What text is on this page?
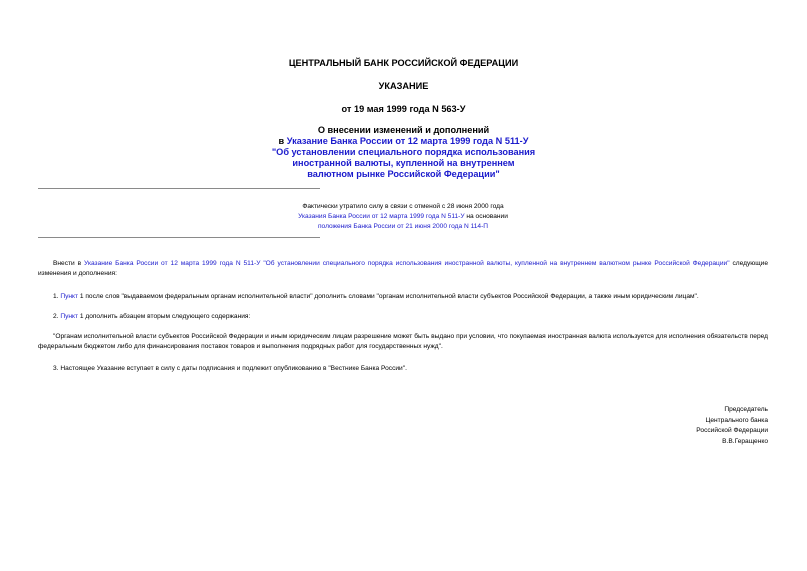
ЦЕНТРАЛЬНЫЙ БАНК РОССИЙСКОЙ ФЕДЕРАЦИИ
УКАЗАНИЕ
от 19 мая 1999 года N 563-У
О внесении изменений и дополнений
в Указание Банка России от 12 марта 1999 года N 511-У
"Об установлении специального порядка использования
иностранной валюты, купленной на внутреннем
валютном рынке Российской Федерации"
Фактически утратило силу в связи с отменой с 28 июня 2000 года
Указания Банка России от 12 марта 1999 года N 511-У на основании
положения Банка России от 21 июня 2000 года N 114-П

Внести в Указание Банка России от 12 марта 1999 года N 511-У "Об установлении специального порядка использования иностранной валюты, купленной на внутреннем валютном рынке Российской Федерации" следующие изменения и дополнения:

1. Пункт 1 после слов "выдаваемом федеральным органам исполнительной власти" дополнить словами "органам исполнительной власти субъектов Российской Федерации, а также иным юридическим лицам".

2. Пункт 1 дополнить абзацем вторым следующего содержания:

"Органам исполнительной власти субъектов Российской Федерации и иным юридическим лицам разрешение может быть выдано при условии, что покупаемая иностранная валюта используется для исполнения обязательств перед федеральным бюджетом либо для финансирования поставок товаров и выполнения подрядных работ для государственных нужд".

3. Настоящее Указание вступает в силу с даты подписания и подлежит опубликованию в "Вестнике Банка России".

Председатель
Центрального банка
Российской Федерации
В.В.Геращенко
